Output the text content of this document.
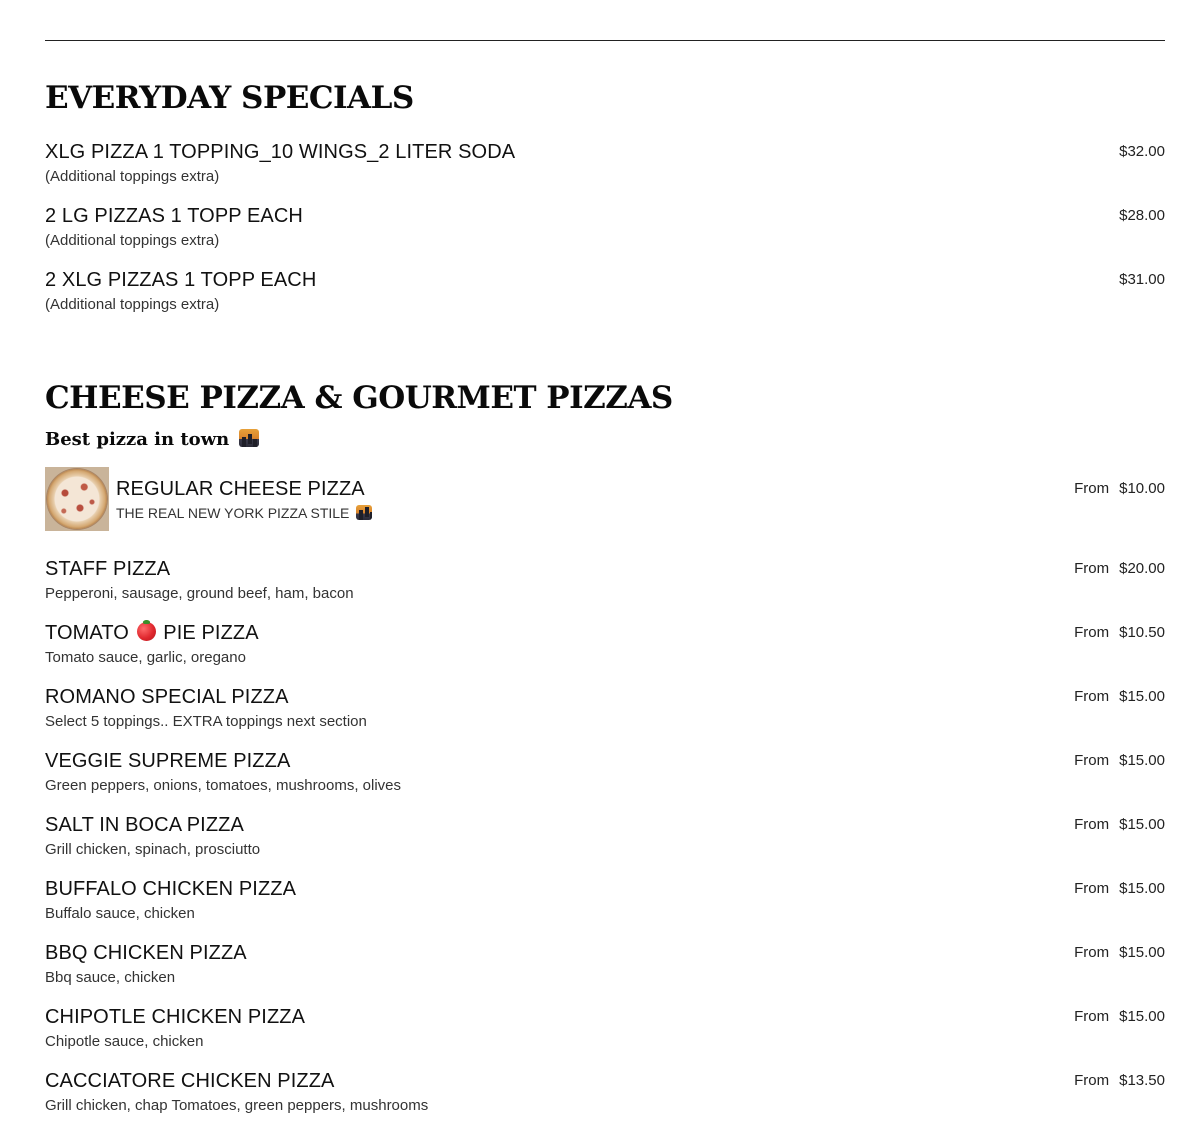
EVERYDAY SPECIALS
XLG PIZZA 1 TOPPING_10 WINGS_2 LITER SODA
(Additional toppings extra)
$32.00
2 LG PIZZAS 1 TOPP EACH
(Additional toppings extra)
$28.00
2 XLG PIZZAS 1 TOPP EACH
(Additional toppings extra)
$31.00
CHEESE PIZZA & GOURMET PIZZAS

Best pizza in town

REGULAR CHEESE PIZZA
THE REAL NEW YORK PIZZA STILE
From $10.00
STAFF PIZZA
Pepperoni, sausage, ground beef, ham, bacon
From $20.00
TOMATO PIE PIZZA
Tomato sauce, garlic, oregano
From $10.50
ROMANO SPECIAL PIZZA
Select 5 toppings.. EXTRA toppings next section
From $15.00
VEGGIE SUPREME PIZZA
Green peppers, onions, tomatoes, mushrooms, olives
From $15.00
SALT IN BOCA PIZZA
Grill chicken, spinach, prosciutto
From $15.00
BUFFALO CHICKEN PIZZA
Buffalo sauce, chicken
From $15.00
BBQ CHICKEN PIZZA
Bbq sauce, chicken
From $15.00
CHIPOTLE CHICKEN PIZZA
Chipotle sauce, chicken
From $15.00
CACCIATORE CHICKEN PIZZA
Grill chicken, chap Tomatoes, green peppers, mushrooms
From $13.50
